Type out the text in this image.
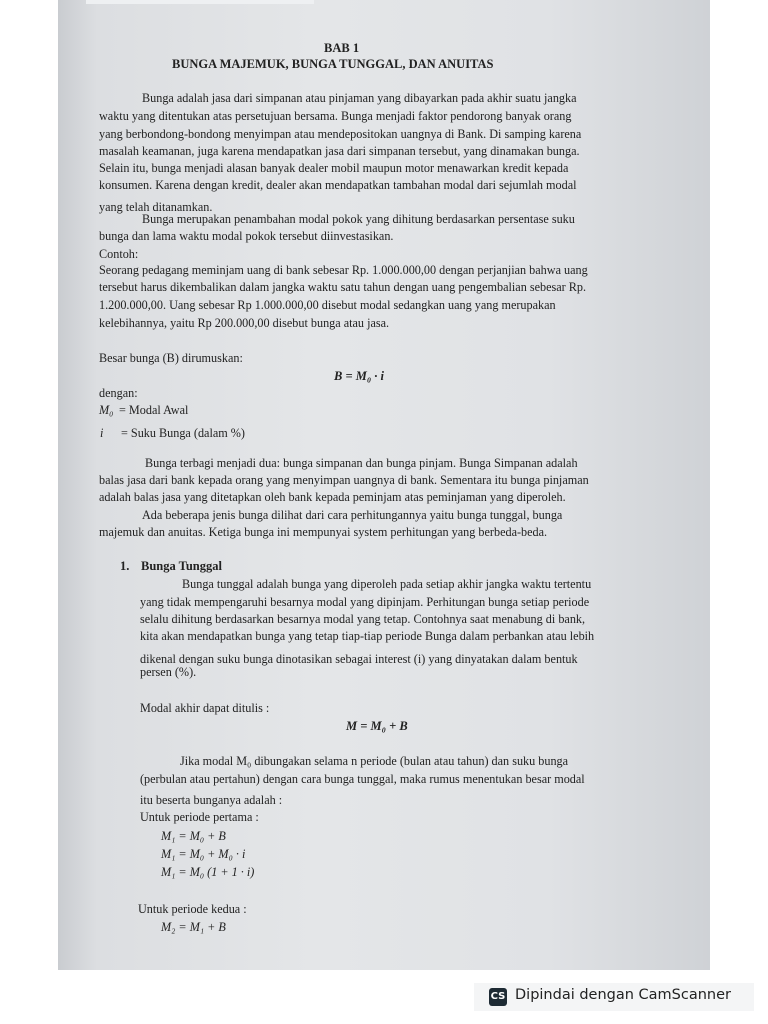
BAB 1
BUNGA MAJEMUK, BUNGA TUNGGAL, DAN ANUITAS
Bunga adalah jasa dari simpanan atau pinjaman yang dibayarkan pada akhir suatu jangka
waktu yang ditentukan atas persetujuan bersama. Bunga menjadi faktor pendorong banyak orang
yang berbondong-bondong menyimpan atau mendepositokan uangnya di Bank. Di samping karena
masalah keamanan, juga karena mendapatkan jasa dari simpanan tersebut, yang dinamakan bunga.
Selain itu, bunga menjadi alasan banyak dealer mobil maupun motor menawarkan kredit kepada
konsumen. Karena dengan kredit, dealer akan mendapatkan tambahan modal dari sejumlah modal
yang telah ditanamkan.
Bunga merupakan penambahan modal pokok yang dihitung berdasarkan persentase suku
bunga dan lama waktu modal pokok tersebut diinvestasikan.
Contoh:
Seorang pedagang meminjam uang di bank sebesar Rp. 1.000.000,00 dengan perjanjian bahwa uang
tersebut harus dikembalikan dalam jangka waktu satu tahun dengan uang pengembalian sebesar Rp.
1.200.000,00. Uang sebesar Rp 1.000.000,00 disebut modal sedangkan uang yang merupakan
kelebihannya, yaitu Rp 200.000,00 disebut bunga atau jasa.
Besar bunga (B) dirumuskan:
B = M₀ · i
dengan:
M₀ = Modal Awal
i = Suku Bunga (dalam %)
Bunga terbagi menjadi dua: bunga simpanan dan bunga pinjam. Bunga Simpanan adalah
balas jasa dari bank kepada orang yang menyimpan uangnya di bank. Sementara itu bunga pinjaman
adalah balas jasa yang ditetapkan oleh bank kepada peminjam atas peminjaman yang diperoleh.
Ada beberapa jenis bunga dilihat dari cara perhitungannya yaitu bunga tunggal, bunga
majemuk dan anuitas. Ketiga bunga ini mempunyai system perhitungan yang berbeda-beda.
1. Bunga Tunggal
Bunga tunggal adalah bunga yang diperoleh pada setiap akhir jangka waktu tertentu
yang tidak mempengaruhi besarnya modal yang dipinjam. Perhitungan bunga setiap periode
selalu dihitung berdasarkan besarnya modal yang tetap. Contohnya saat menabung di bank,
kita akan mendapatkan bunga yang tetap tiap-tiap periode Bunga dalam perbankan atau lebih
dikenal dengan suku bunga dinotasikan sebagai interest (i) yang dinyatakan dalam bentuk
persen (%).
Modal akhir dapat ditulis :
M = M₀ + B
Jika modal M₀ dibungakan selama n periode (bulan atau tahun) dan suku bunga
(perbulan atau pertahun) dengan cara bunga tunggal, maka rumus menentukan besar modal
itu beserta bunganya adalah :
Untuk periode pertama :
M₁ = M₀ + B
M₁ = M₀ + M₀ · i
M₁ = M₀ (1 + 1 · i)
Untuk periode kedua :
M₂ = M₁ + B
CS Dipindai dengan CamScanner
